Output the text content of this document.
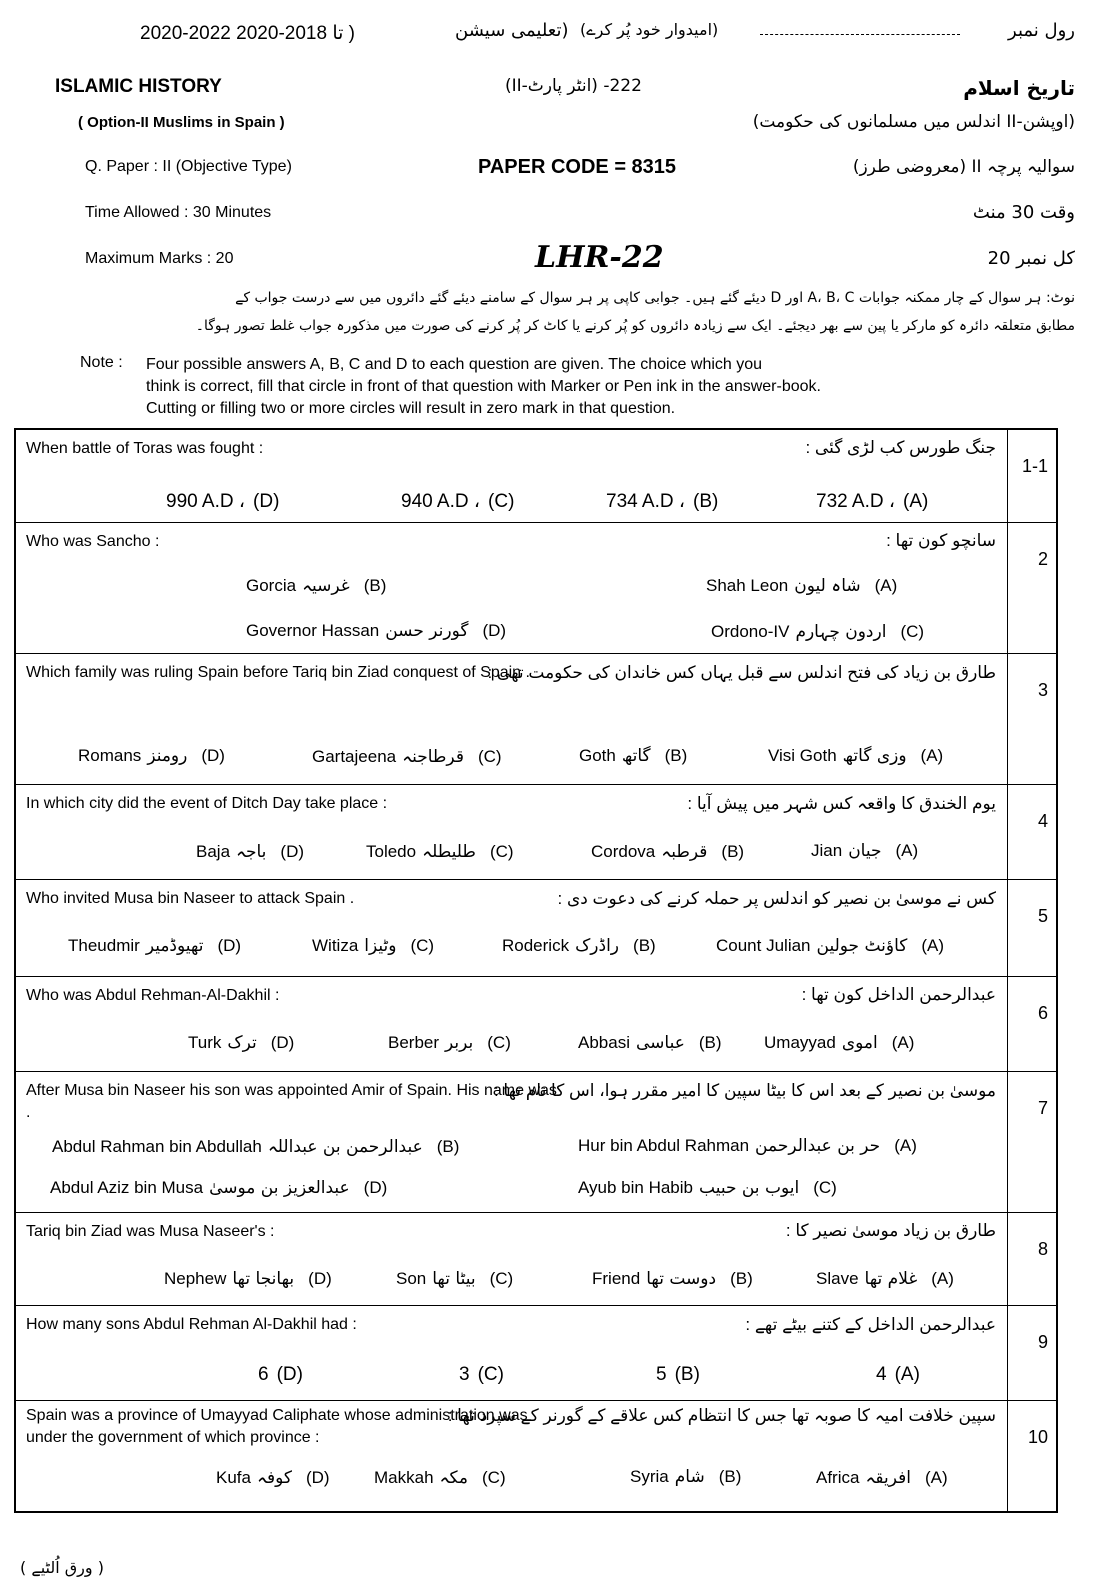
2020-2022 تا 2018-2020 )	(تعلیمی سیشن (امیدوار خود پُر کرے)	رول نمبر
ISLAMIC HISTORY	222- (انٹر پارٹ-II)	تاریخ اسلام
( Option-II Muslims in Spain )	(اوپشن-II اندلس میں مسلمانوں کی حکومت)
Q. Paper : II (Objective Type)	PAPER CODE = 8315	سوالیہ پرچہ II (معروضی طرز)
Time Allowed : 30 Minutes	وقت 30 منٹ
Maximum Marks : 20	LHR-22	کل نمبر 20
نوٹ: ہر سوال کے چار ممکنہ جوابات A، B، C اور D دیئے گئے ہیں۔ جوابی کاپی پر ہر سوال کے سامنے دیئے گئے دائروں میں سے درست جواب کے
مطابق متعلقہ دائرہ کو مارکر یا پین سے بھر دیجئے۔ ایک سے زیادہ دائروں کو پُر کرنے یا کاٹ کر پُر کرنے کی صورت میں مذکورہ جواب غلط تصور ہوگا۔
Note : Four possible answers A, B, C and D to each question are given. The choice which you
think is correct, fill that circle in front of that question with Marker or Pen ink in the answer-book.
Cutting or filling two or more circles will result in zero mark in that question.
1-1
When battle of Toras was fought :	جنگ طورس کب لڑی گئی :
990 A.D ، (D)	940 A.D ، (C)	734 A.D ، (B)	732 A.D ، (A)
2
Who was Sancho :	سانچو کون تھا :
Gorcia غرسیہ (B)	Shah Leon شاہ لیون (A)
Governor Hassan گورنر حسن (D)	Ordono-IV اردون چہارم (C)
3
Which family was ruling Spain before Tariq bin Ziad conquest of Spain .
طارق بن زیاد کی فتح اندلس سے قبل یہاں کس خاندان کی حکومت تھی :
Romans رومنز (D)	Gartajeena قرطاجنہ (C)	Goth گاتھ (B)	Visi Goth وزی گاتھ (A)
4
In which city did the event of Ditch Day take place :	یوم الخندق کا واقعہ کس شہر میں پیش آیا :
Baja باجہ (D)	Toledo طلیطلہ (C)	Cordova قرطبہ (B)	Jian جیان (A)
5
Who invited Musa bin Naseer to attack Spain .	کس نے موسیٰ بن نصیر کو اندلس پر حملہ کرنے کی دعوت دی :
Theudmir تھیوڈمیر (D)	Witiza وٹیزا (C)	Roderick راڈرک (B)	Count Julian کاؤنٹ جولین (A)
6
Who was Abdul Rehman-Al-Dakhil :	عبدالرحمن الداخل کون تھا :
Turk ترک (D)	Berber بربر (C)	Abbasi عباسی (B) Umayyad اموی (A)
7
After Musa bin Naseer his son was appointed Amir of Spain. His name was .
موسیٰ بن نصیر کے بعد اس کا بیٹا سپین کا امیر مقرر ہوا، اس کا نام تھا :
Abdul Rahman bin Abdullah عبدالرحمن بن عبداللہ (B)	Hur bin Abdul Rahman حر بن عبدالرحمن (A)
Abdul Aziz bin Musa عبدالعزیز بن موسیٰ (D)	Ayub bin Habib ایوب بن حبیب (C)
8
Tariq bin Ziad was Musa Naseer's :	طارق بن زیاد موسیٰ نصیر کا :
Nephew بھانجا تھا (D)	Son بیٹا تھا (C)	Friend دوست تھا (B)	Slave غلام تھا (A)
9
How many sons Abdul Rehman Al-Dakhil had :	عبدالرحمن الداخل کے کتنے بیٹے تھے :
6 (D)	3 (C)	5 (B)	4 (A)
10
Spain was a province of Umayyad Caliphate whose administration was under the government of which province :
سپین خلافت امیہ کا صوبہ تھا جس کا انتظام کس علاقے کے گورنر کے سپرد تھا :
Kufa کوفہ (D)	Makkah مکہ (C)	Syria شام (B)	Africa افریقہ (A)
( ورق اُلٹیے )
